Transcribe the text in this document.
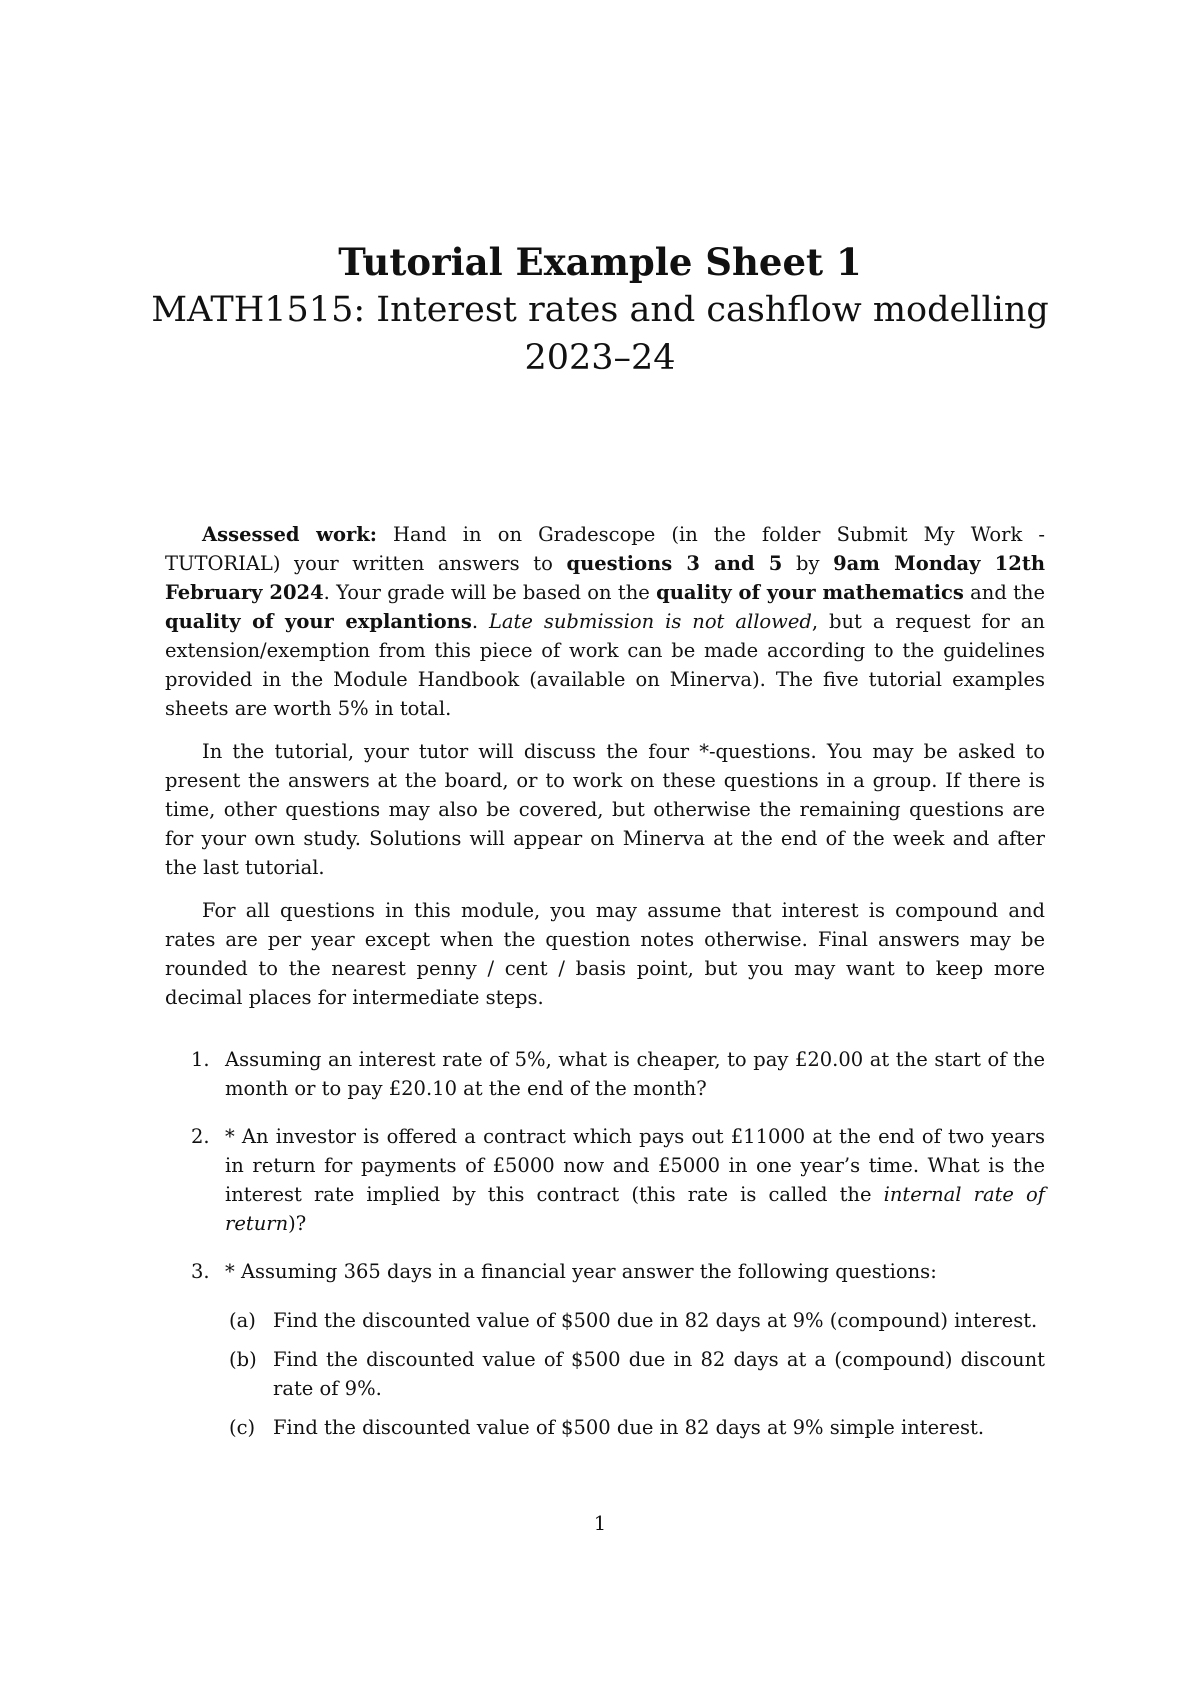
Tutorial Example Sheet 1
MATH1515: Interest rates and cashflow modelling
2023–24

Assessed work: Hand in on Gradescope (in the folder Submit My Work - TUTORIAL) your written answers to questions 3 and 5 by 9am Monday 12th February 2024. Your grade will be based on the quality of your mathematics and the quality of your explantions. Late submission is not allowed, but a request for an extension/exemption from this piece of work can be made according to the guidelines provided in the Module Handbook (available on Minerva). The five tutorial examples sheets are worth 5% in total.

In the tutorial, your tutor will discuss the four *-questions. You may be asked to present the answers at the board, or to work on these questions in a group. If there is time, other questions may also be covered, but otherwise the remaining questions are for your own study. Solutions will appear on Minerva at the end of the week and after the last tutorial.

For all questions in this module, you may assume that interest is compound and rates are per year except when the question notes otherwise. Final answers may be rounded to the nearest penny / cent / basis point, but you may want to keep more decimal places for intermediate steps.

1. Assuming an interest rate of 5%, what is cheaper, to pay £20.00 at the start of the month or to pay £20.10 at the end of the month?
2. * An investor is offered a contract which pays out £11000 at the end of two years in return for payments of £5000 now and £5000 in one year’s time. What is the interest rate implied by this contract (this rate is called the internal rate of return)?
3. * Assuming 365 days in a financial year answer the following questions:
(a) Find the discounted value of $500 due in 82 days at 9% (compound) interest.
(b) Find the discounted value of $500 due in 82 days at a (compound) discount rate of 9%.
(c) Find the discounted value of $500 due in 82 days at 9% simple interest.
1
